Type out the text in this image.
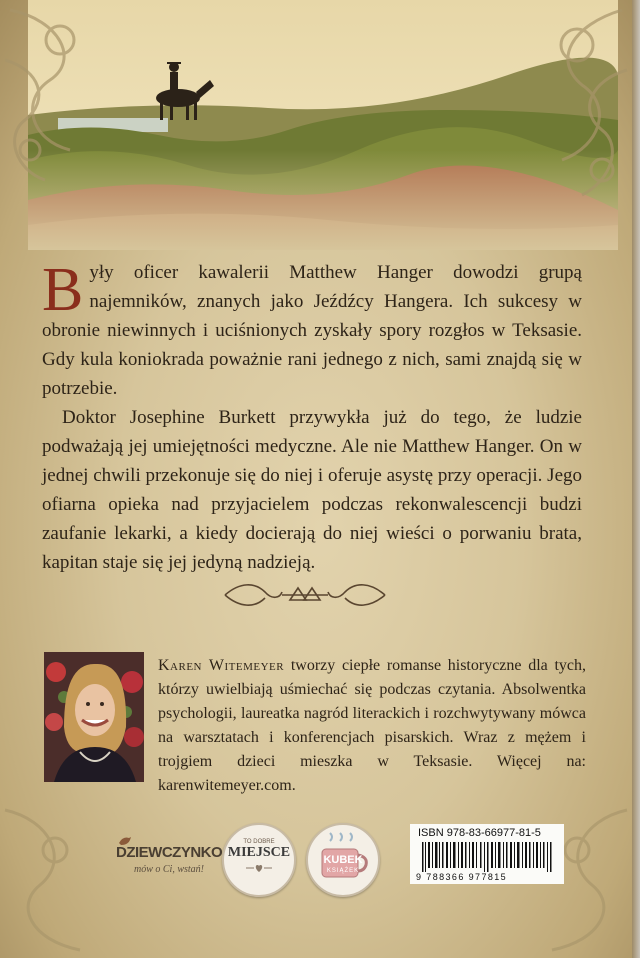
Były oficer kawalerii Matthew Hanger dowodzi grupą najemników, znanych jako Jeźdźcy Hangera. Ich sukcesy w obronie niewinnych i uciśnionych zyskały spory rozgłos w Teksasie. Gdy kula koniokrada poważnie rani jednego z nich, sami znajdą się w potrzebie.

Doktor Josephine Burkett przywykła już do tego, że ludzie podważają jej umiejętności medyczne. Ale nie Matthew Hanger. On w jednej chwili przekonuje się do niej i oferuje asystę przy operacji. Jego ofiarna opieka nad przyjacielem podczas rekonwalescencji budzi zaufanie lekarki, a kiedy docierają do niej wieści o porwaniu brata, kapitan staje się jej jedyną nadzieją.

Karen Witemeyer tworzy ciepłe romanse historyczne dla tych, którzy uwielbiają uśmiechać się podczas czytania. Absolwentka psychologii, laureatka nagród literackich i rozchwytywany mówca na warsztatach i konferencjach pisarskich. Wraz z mężem i trojgiem dzieci mieszka w Teksasie. Więcej na: karenwitemeyer.com.
DZIEWCZYNKO
mów o Ci, wstań!
TO DOBRE
MIEJSCE	KUBEK
KSIĄŻEK
ISBN 978-83-66977-81-5
9 788366 977815
